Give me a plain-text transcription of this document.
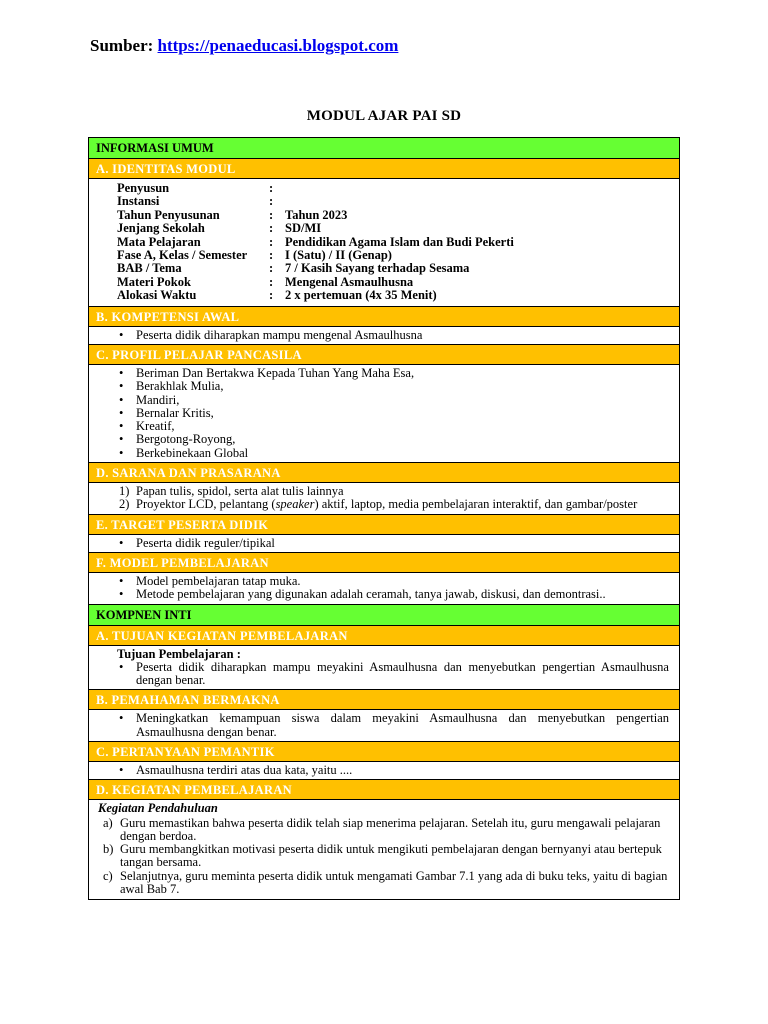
Sumber: https://penaeducasi.blogspot.com
MODUL AJAR PAI SD
INFORMASI UMUM
A. IDENTITAS MODUL
Penyusun	:
Instansi	:
Tahun Penyusunan	: Tahun 2023
Jenjang Sekolah	: SD/MI
Mata Pelajaran	: Pendidikan Agama Islam dan Budi Pekerti
Fase A, Kelas / Semester	: I (Satu) / II (Genap)
BAB / Tema	: 7 / Kasih Sayang terhadap Sesama
Materi Pokok	: Mengenal Asmaulhusna
Alokasi Waktu	: 2 x pertemuan (4x 35 Menit)
B. KOMPETENSI AWAL
• Peserta didik diharapkan mampu mengenal Asmaulhusna
C. PROFIL PELAJAR PANCASILA
• Beriman Dan Bertakwa Kepada Tuhan Yang Maha Esa,
• Berakhlak Mulia,
• Mandiri,
• Bernalar Kritis,
• Kreatif,
• Bergotong-Royong,
• Berkebinekaan Global
D. SARANA DAN PRASARANA
1) Papan tulis, spidol, serta alat tulis lainnya
2) Proyektor LCD, pelantang (speaker) aktif, laptop, media pembelajaran interaktif, dan gambar/poster
E. TARGET PESERTA DIDIK
• Peserta didik reguler/tipikal
F. MODEL PEMBELAJARAN
• Model pembelajaran tatap muka.
• Metode pembelajaran yang digunakan adalah ceramah, tanya jawab, diskusi, dan demontrasi..
KOMPNEN INTI
A. TUJUAN KEGIATAN PEMBELAJARAN
Tujuan Pembelajaran :
• Peserta didik diharapkan mampu meyakini Asmaulhusna dan menyebutkan pengertian Asmaulhusna dengan benar.
B. PEMAHAMAN BERMAKNA
• Meningkatkan kemampuan siswa dalam meyakini Asmaulhusna dan menyebutkan pengertian Asmaulhusna dengan benar.
C. PERTANYAAN PEMANTIK
• Asmaulhusna terdiri atas dua kata, yaitu ....
D. KEGIATAN PEMBELAJARAN
Kegiatan Pendahuluan
a) Guru memastikan bahwa peserta didik telah siap menerima pelajaran. Setelah itu, guru mengawali pelajaran dengan berdoa.
b) Guru membangkitkan motivasi peserta didik untuk mengikuti pembelajaran dengan bernyanyi atau bertepuk tangan bersama.
c) Selanjutnya, guru meminta peserta didik untuk mengamati Gambar 7.1 yang ada di buku teks, yaitu di bagian awal Bab 7.
